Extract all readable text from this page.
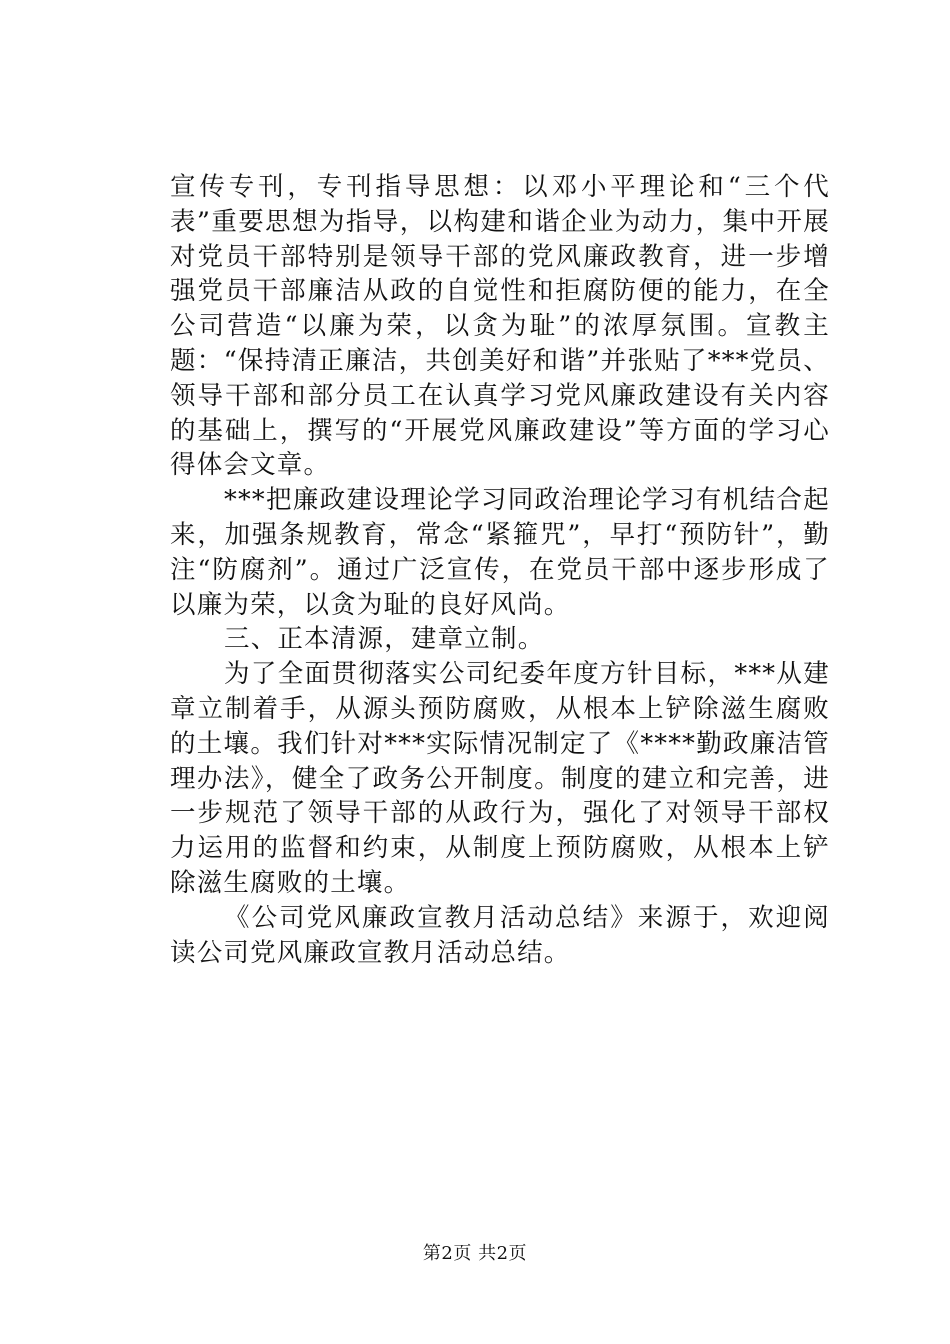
宣传专刊，专刊指导思想：以邓小平理论和“三个代表”重要思想为指导，以构建和谐企业为动力，集中开展对党员干部特别是领导干部的党风廉政教育，进一步增强党员干部廉洁从政的自觉性和拒腐防便的能力，在全公司营造“以廉为荣，以贪为耻”的浓厚氛围。宣教主题：“保持清正廉洁，共创美好和谐”并张贴了***党员、领导干部和部分员工在认真学习党风廉政建设有关内容的基础上，撰写的“开展党风廉政建设”等方面的学习心得体会文章。

***把廉政建设理论学习同政治理论学习有机结合起来，加强条规教育，常念“紧箍咒”，早打“预防针”，勤注“防腐剂”。通过广泛宣传，在党员干部中逐步形成了以廉为荣，以贪为耻的良好风尚。

三、正本清源，建章立制。

为了全面贯彻落实公司纪委年度方针目标，***从建章立制着手，从源头预防腐败，从根本上铲除滋生腐败的土壤。我们针对***实际情况制定了《****勤政廉洁管理办法》，健全了政务公开制度。制度的建立和完善，进一步规范了领导干部的从政行为，强化了对领导干部权力运用的监督和约束，从制度上预防腐败，从根本上铲除滋生腐败的土壤。

《公司党风廉政宣教月活动总结》来源于，欢迎阅读公司党风廉政宣教月活动总结。

第2页 共2页
